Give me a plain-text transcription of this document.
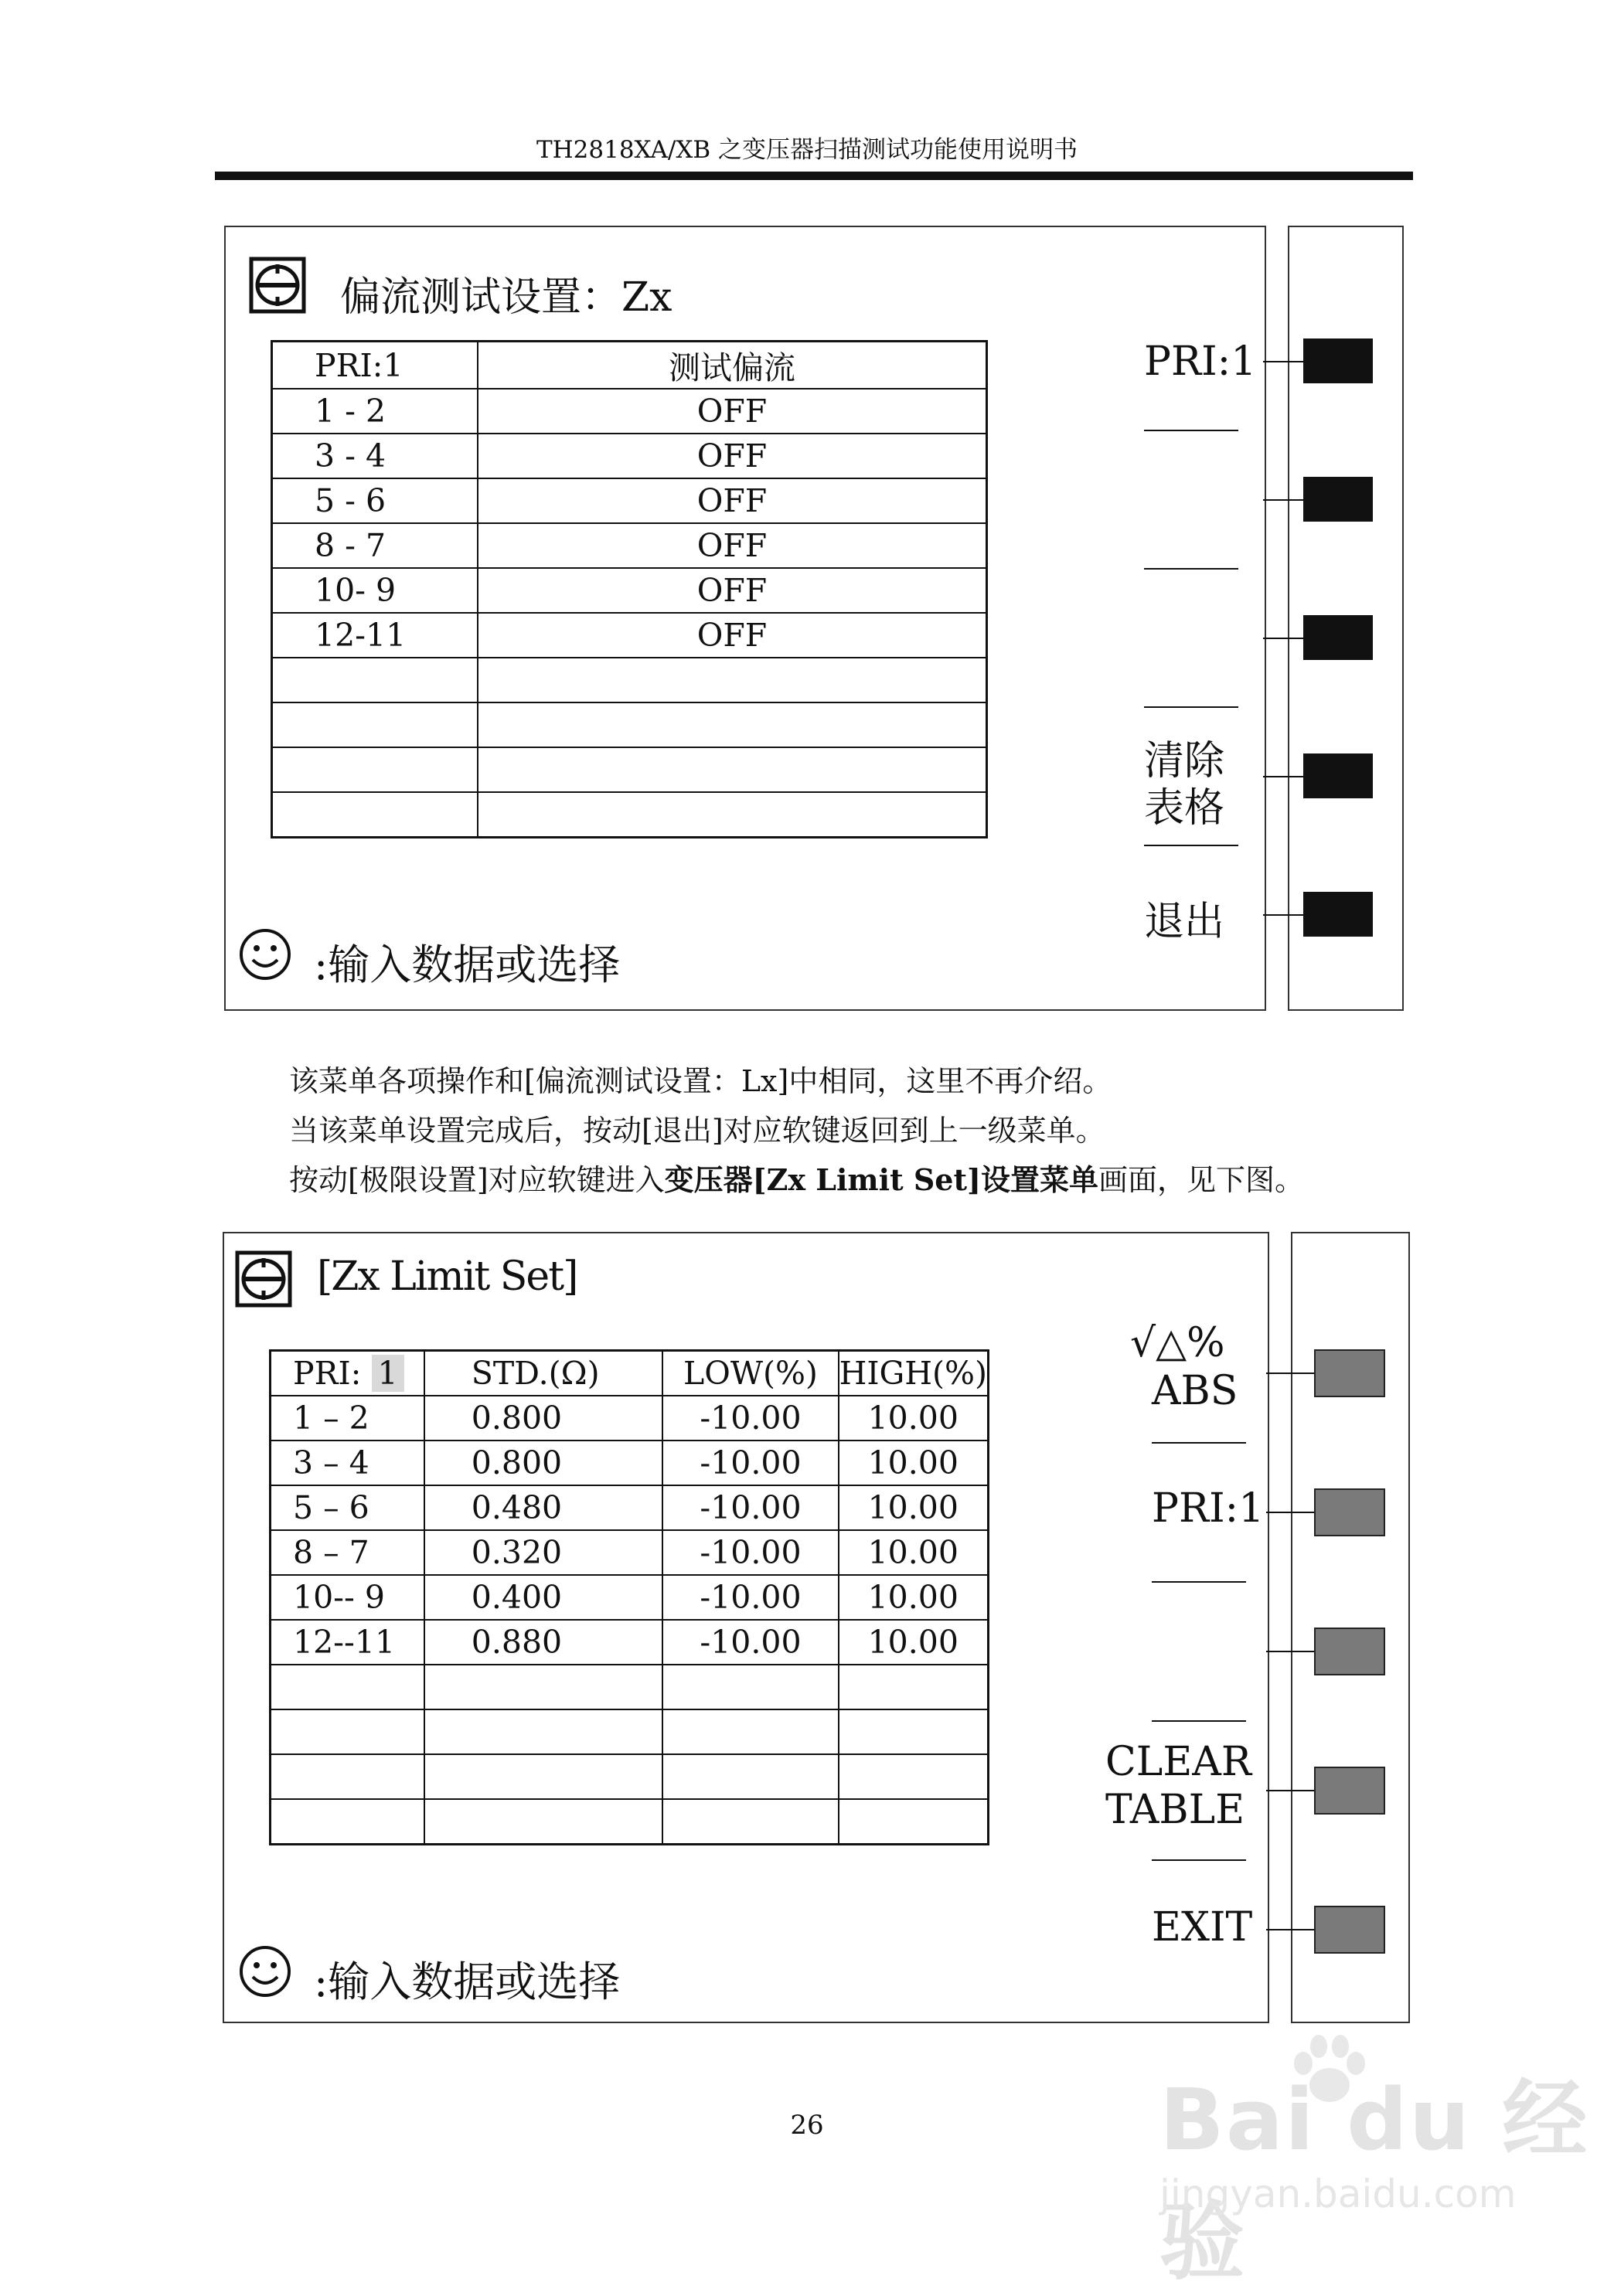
TH2818XA/XB 之变压器扫描测试功能使用说明书
偏流测试设置：Zx
PRI:1	测试偏流
1 - 2	OFF
3 - 4	OFF
5 - 6	OFF
8 - 7	OFF
10- 9	OFF
12-11	OFF

PRI:1
清除
表格
退出
:输入数据或选择
该菜单各项操作和[偏流测试设置：Lx]中相同，这里不再介绍。
当该菜单设置完成后，按动[退出]对应软键返回到上一级菜单。
按动[极限设置]对应软键进入变压器[Zx Limit Set]设置菜单画面，见下图。
[Zx Limit Set]
PRI: 1	STD.(Ω)	LOW(%)	HIGH(%)
1 – 2	0.800	-10.00	10.00
3 – 4	0.800	-10.00	10.00
5 – 6	0.480	-10.00	10.00
8 – 7	0.320	-10.00	10.00
10-- 9	0.400	-10.00	10.00
12--11	0.880	-10.00	10.00

√△%
ABS
PRI:1
CLEAR
TABLE
EXIT
:输入数据或选择
26	Bai du 经验
jingyan.baidu.com
